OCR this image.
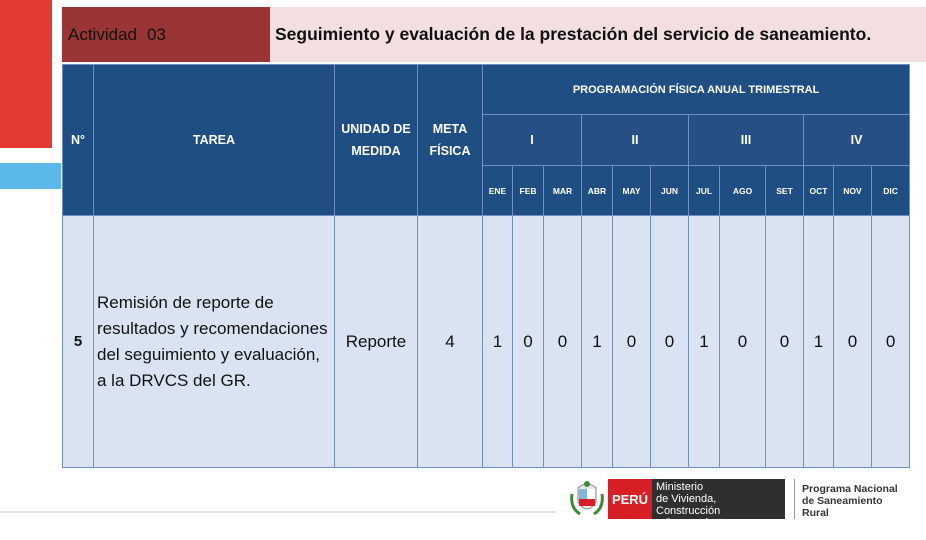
Actividad 03	Seguimiento y evaluación de la prestación del servicio de saneamiento.
N°	TAREA	UNIDAD DE MEDIDA	META FÍSICA	PROGRAMACIÓN FÍSICA ANUAL TRIMESTRAL											
				I			II			III			IV		
				ENE	FEB	MAR	ABR	MAY	JUN	JUL	AGO	SET	OCT	NOV	DIC
5	Remisión de reporte de resultados y recomendaciones del seguimiento y evaluación, a la DRVCS del GR.	Reporte	4	1	0	0	1	0	0	1	0	0	1	0	0
PERÚ
Ministerio
de Vivienda, Construcción
y Saneamiento
Programa Nacional
de Saneamiento Rural
